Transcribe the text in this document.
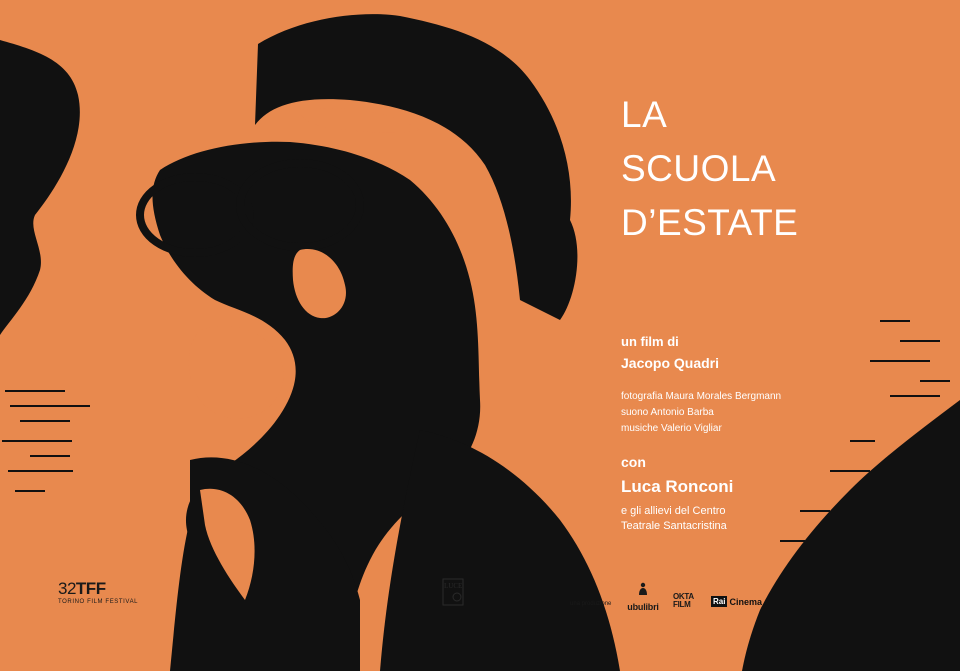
LA
SCUOLA
D’ESTATE
un film di
Jacopo Quadri
fotografia Maura Morales Bergmann
suono Antonio Barba
musiche Valerio Vigliar
con
Luca Ronconi
e gli allievi del Centro
Teatrale Santacristina
32TFF
TORINO FILM FESTIVAL
LUCE
una produzione	ubulibri
OKTA
FILM	Rai Cinema
